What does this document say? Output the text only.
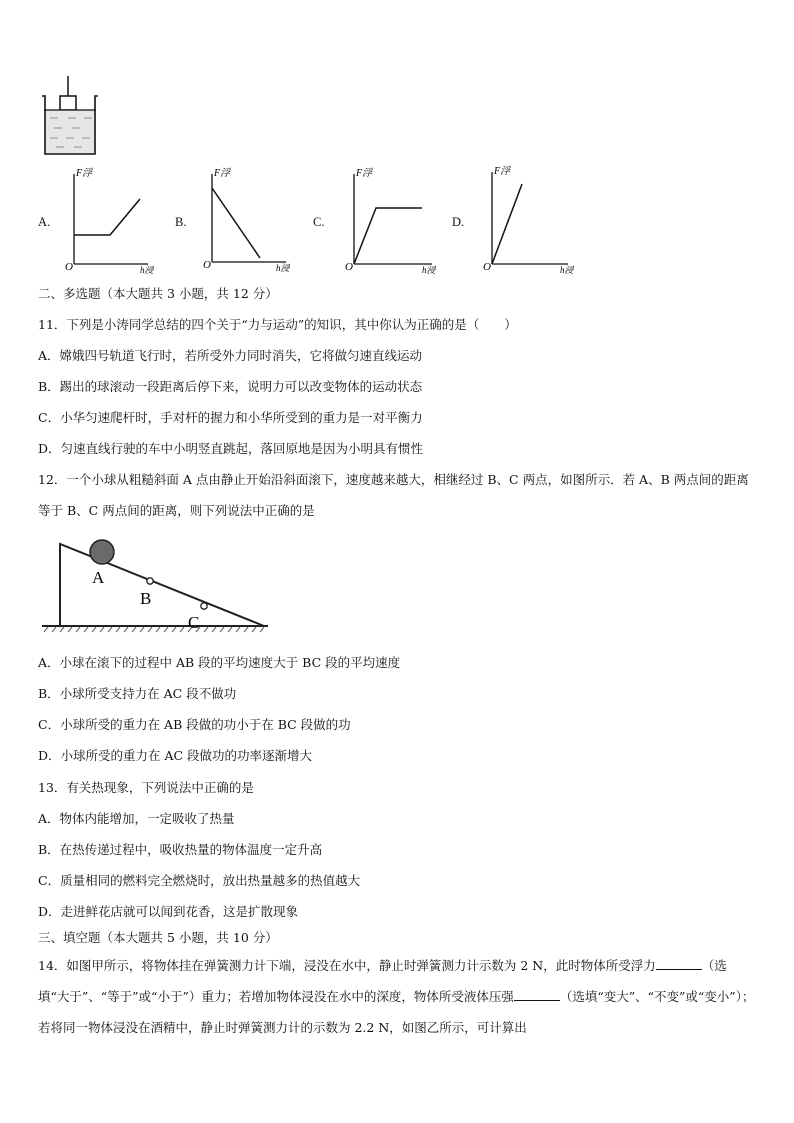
A.
F浮
O	h浸
B.
F浮
O	h浸
C.
F浮
O	h浸
D.
F浮
O	h浸
二、多选题（本大题共 3 小题，共 12 分）
11．下列是小涛同学总结的四个关于“力与运动”的知识，其中你认为正确的是（　　）
A．嫦娥四号轨道飞行时，若所受外力同时消失，它将做匀速直线运动
B．踢出的球滚动一段距离后停下来，说明力可以改变物体的运动状态
C．小华匀速爬杆时，手对杆的握力和小华所受到的重力是一对平衡力
D．匀速直线行驶的车中小明竖直跳起，落回原地是因为小明具有惯性
12．一个小球从粗糙斜面 A 点由静止开始沿斜面滚下，速度越来越大，相继经过 B、C 两点，如图所示．若 A、B 两点间的距离等于 B、C 两点间的距离，则下列说法中正确的是
A
B
C
A．小球在滚下的过程中 AB 段的平均速度大于 BC 段的平均速度
B．小球所受支持力在 AC 段不做功
C．小球所受的重力在 AB 段做的功小于在 BC 段做的功
D．小球所受的重力在 AC 段做功的功率逐渐增大
13．有关热现象，下列说法中正确的是
A．物体内能增加，一定吸收了热量
B．在热传递过程中，吸收热量的物体温度一定升高
C．质量相同的燃料完全燃烧时，放出热量越多的热值越大
D．走进鲜花店就可以闻到花香，这是扩散现象
三、填空题（本大题共 5 小题，共 10 分）
14．如图甲所示，将物体挂在弹簧测力计下端，浸没在水中，静止时弹簧测力计示数为 2 N，此时物体所受浮力	（选填“大于”、“等于”或“小于”）重力；若增加物体浸没在水中的深度，物体所受液体压强	（选填“变大”、“不变”或“变小”）；若将同一物体浸没在酒精中，静止时弹簧测力计的示数为 2.2 N，如图乙所示，可计算出
